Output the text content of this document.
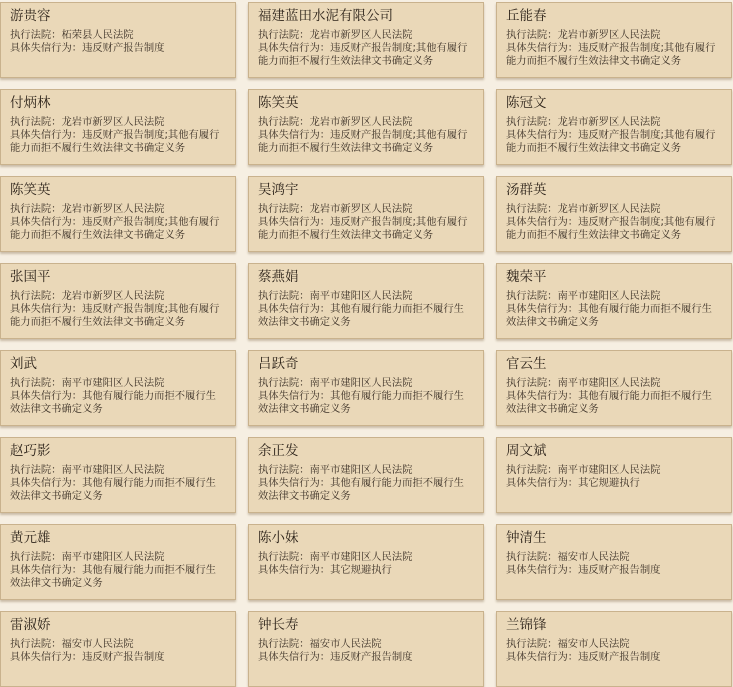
游贵容
执行法院：柘荣县人民法院
具体失信行为：违反财产报告制度
福建蓝田水泥有限公司
执行法院：龙岩市新罗区人民法院
具体失信行为：违反财产报告制度;其他有履行能力而拒不履行生效法律文书确定义务
丘能春
执行法院：龙岩市新罗区人民法院
具体失信行为：违反财产报告制度;其他有履行能力而拒不履行生效法律文书确定义务
付炳林
执行法院：龙岩市新罗区人民法院
具体失信行为：违反财产报告制度;其他有履行能力而拒不履行生效法律文书确定义务
陈笑英
执行法院：龙岩市新罗区人民法院
具体失信行为：违反财产报告制度;其他有履行能力而拒不履行生效法律文书确定义务
陈冠文
执行法院：龙岩市新罗区人民法院
具体失信行为：违反财产报告制度;其他有履行能力而拒不履行生效法律文书确定义务
陈笑英
执行法院：龙岩市新罗区人民法院
具体失信行为：违反财产报告制度;其他有履行能力而拒不履行生效法律文书确定义务
吴鸿宇
执行法院：龙岩市新罗区人民法院
具体失信行为：违反财产报告制度;其他有履行能力而拒不履行生效法律文书确定义务
汤群英
执行法院：龙岩市新罗区人民法院
具体失信行为：违反财产报告制度;其他有履行能力而拒不履行生效法律文书确定义务
张国平
执行法院：龙岩市新罗区人民法院
具体失信行为：违反财产报告制度;其他有履行能力而拒不履行生效法律文书确定义务
蔡燕娟
执行法院：南平市建阳区人民法院
具体失信行为：其他有履行能力而拒不履行生效法律文书确定义务
魏荣平
执行法院：南平市建阳区人民法院
具体失信行为：其他有履行能力而拒不履行生效法律文书确定义务
刘武
执行法院：南平市建阳区人民法院
具体失信行为：其他有履行能力而拒不履行生效法律文书确定义务
吕跃奇
执行法院：南平市建阳区人民法院
具体失信行为：其他有履行能力而拒不履行生效法律文书确定义务
官云生
执行法院：南平市建阳区人民法院
具体失信行为：其他有履行能力而拒不履行生效法律文书确定义务
赵巧影
执行法院：南平市建阳区人民法院
具体失信行为：其他有履行能力而拒不履行生效法律文书确定义务
余正发
执行法院：南平市建阳区人民法院
具体失信行为：其他有履行能力而拒不履行生效法律文书确定义务
周文斌
执行法院：南平市建阳区人民法院
具体失信行为：其它规避执行
黄元雄
执行法院：南平市建阳区人民法院
具体失信行为：其他有履行能力而拒不履行生效法律文书确定义务
陈小妹
执行法院：南平市建阳区人民法院
具体失信行为：其它规避执行
钟清生
执行法院：福安市人民法院
具体失信行为：违反财产报告制度
雷淑娇
执行法院：福安市人民法院
具体失信行为：违反财产报告制度
钟长寿
执行法院：福安市人民法院
具体失信行为：违反财产报告制度
兰锦锋
执行法院：福安市人民法院
具体失信行为：违反财产报告制度
